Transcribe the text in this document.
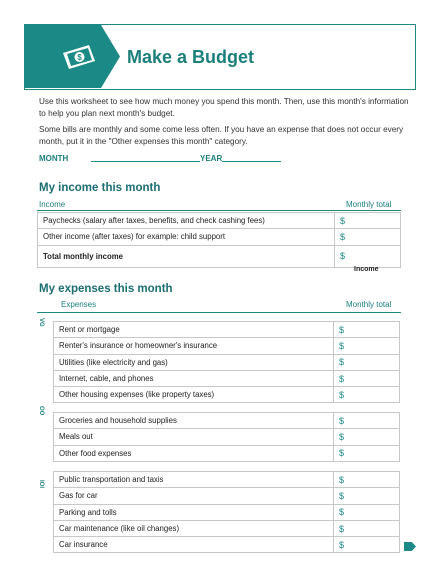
$	Make a Budget

Use this worksheet to see how much money you spend this month. Then, use this month's information to help you plan next month's budget.

Some bills are monthly and some come less often. If you have an expense that does not occur every month, put it in the "Other expenses this month" category.

MONTH	YEAR
My income this month
Income	Monthly total
Paychecks (salary after taxes, benefits, and check cashing fees)	$
Other income (after taxes) for example: child support	$
Total monthly income	$
Income
My expenses this month
Expenses	Monthly total
VG
Rent or mortgage	$
Renter's insurance or homeowner's insurance	$
Utilities (like electricity and gas)	$
Internet, cable, and phones	$
Other housing expenses (like property taxes)	$
OO
Groceries and household supplies	$
Meals out	$
Other food expenses	$
IOI Public transportation and taxis	$
Gas for car	$
Parking and tolls	$
Car maintenance (like oil changes)	$
Car insurance	$
